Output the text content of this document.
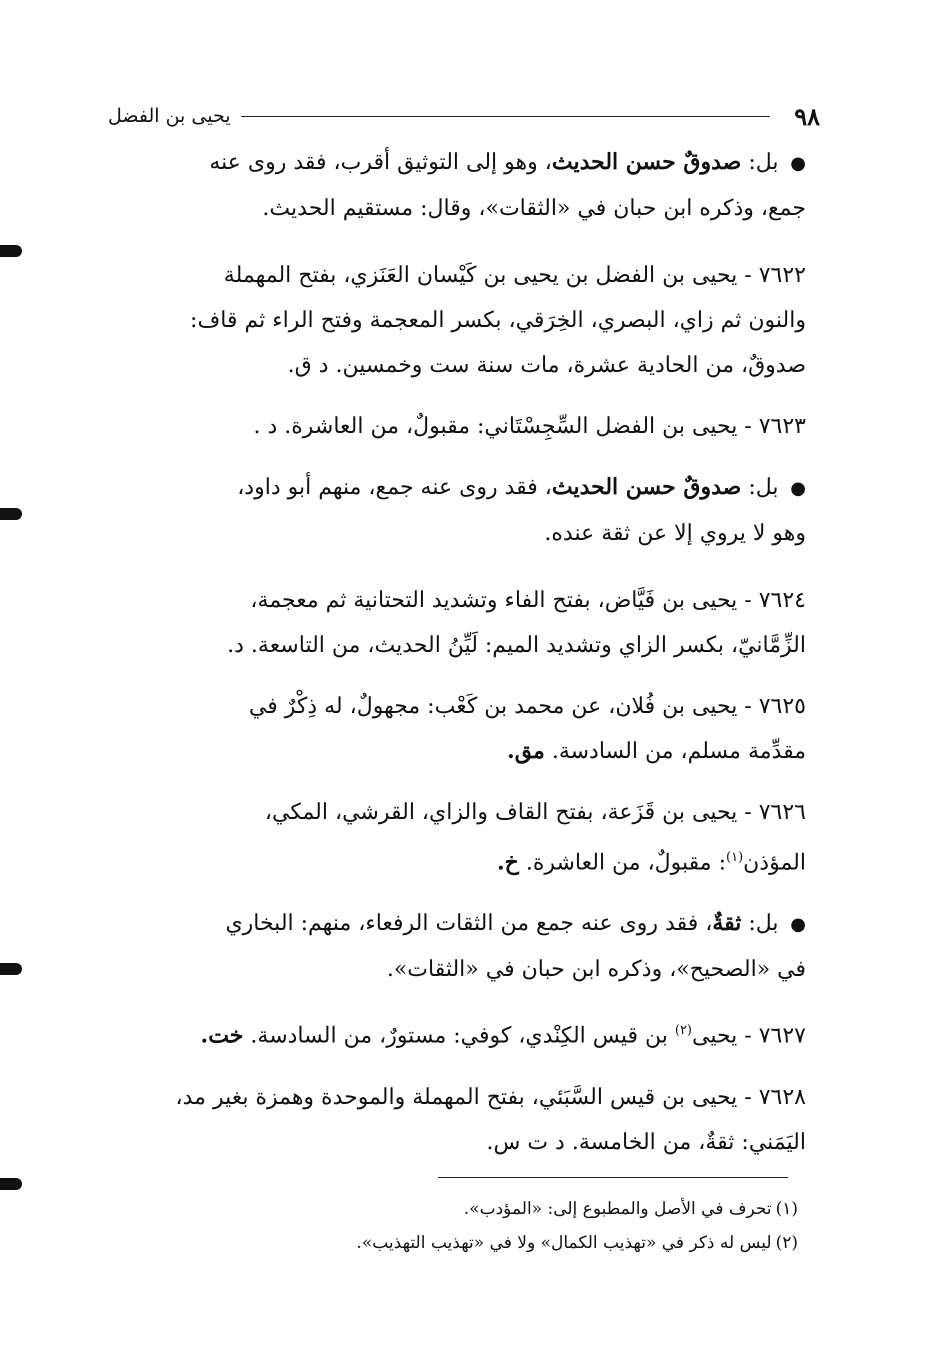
٩٨
يحيى بن الفضل

● بل: صدوقٌ حسن الحديث، وهو إلى التوثيق أقرب، فقد روى عنه

جمع، وذكره ابن حبان في «الثقات»، وقال: مستقيم الحديث.

٧٦٢٢ - يحيى بن الفضل بن يحيى بن كَيْسان العَنَزي، بفتح المهملة

والنون ثم زاي، البصري، الخِرَقي، بكسر المعجمة وفتح الراء ثم قاف:

صدوقٌ، من الحادية عشرة، مات سنة ست وخمسين. د ق.

٧٦٢٣ - يحيى بن الفضل السِّجِسْتَاني: مقبولٌ، من العاشرة. د .

● بل: صدوقٌ حسن الحديث، فقد روى عنه جمع، منهم أبو داود،

وهو لا يروي إلا عن ثقة عنده.

٧٦٢٤ - يحيى بن فَيَّاض، بفتح الفاء وتشديد التحتانية ثم معجمة،

الزِّمَّانيّ، بكسر الزاي وتشديد الميم: لَيِّنُ الحديث، من التاسعة. د.

٧٦٢٥ - يحيى بن فُلان، عن محمد بن كَعْب: مجهولٌ، له ذِكْرٌ في

مقدِّمة مسلم، من السادسة. مق.

٧٦٢٦ - يحيى بن قَزَعة، بفتح القاف والزاي، القرشي، المكي،

المؤذن$^{(١)}$: مقبولٌ، من العاشرة. خ.

● بل: ثقةٌ، فقد روى عنه جمع من الثقات الرفعاء، منهم: البخاري

في «الصحيح»، وذكره ابن حبان في «الثقات».

٧٦٢٧ - يحيى$^{(٢)}$ بن قيس الكِنْدي، كوفي: مستورٌ، من السادسة. خت.

٧٦٢٨ - يحيى بن قيس السَّبَئي، بفتح المهملة والموحدة وهمزة بغير مد،

اليَمَني: ثقةٌ، من الخامسة. د ت س.

(١)تحرف في الأصل والمطبوع إلى: «المؤدب».

(٢)ليس له ذكر في «تهذيب الكمال» ولا في «تهذيب التهذيب».
